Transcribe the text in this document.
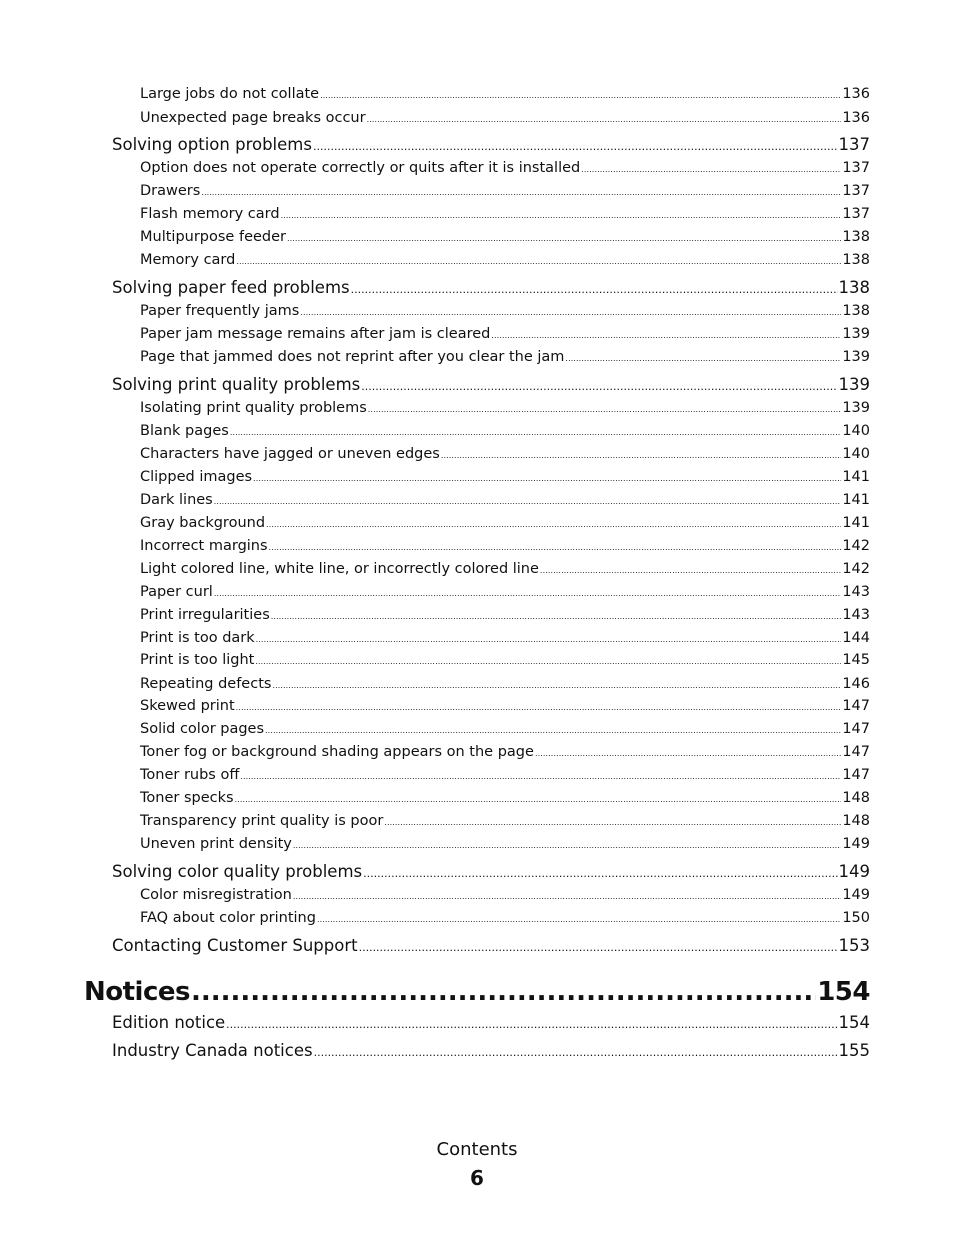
Large jobs do not collate .....	136
Unexpected page breaks occur .....	136
Solving option problems .....	137
Option does not operate correctly or quits after it is installed .....	137
Drawers .....	137
Flash memory card .....	137
Multipurpose feeder .....	138
Memory card .....	138
Solving paper feed problems .....	138
Paper frequently jams .....	138
Paper jam message remains after jam is cleared .....	139
Page that jammed does not reprint after you clear the jam .....	139
Solving print quality problems .....	139
Isolating print quality problems .....	139
Blank pages .....	140
Characters have jagged or uneven edges .....	140
Clipped images .....	141
Dark lines .....	141
Gray background .....	141
Incorrect margins .....	142
Light colored line, white line, or incorrectly colored line .....	142
Paper curl .....	143
Print irregularities .....	143
Print is too dark .....	144
Print is too light .....	145
Repeating defects .....	146
Skewed print .....	147
Solid color pages .....	147
Toner fog or background shading appears on the page .....	147
Toner rubs off .....	147
Toner specks .....	148
Transparency print quality is poor .....	148
Uneven print density .....	149
Solving color quality problems .....	149
Color misregistration .....	149
FAQ about color printing .....	150
Contacting Customer Support .....	153
Notices .....	154
Edition notice .....	154
Industry Canada notices .....	155
Contents
6
